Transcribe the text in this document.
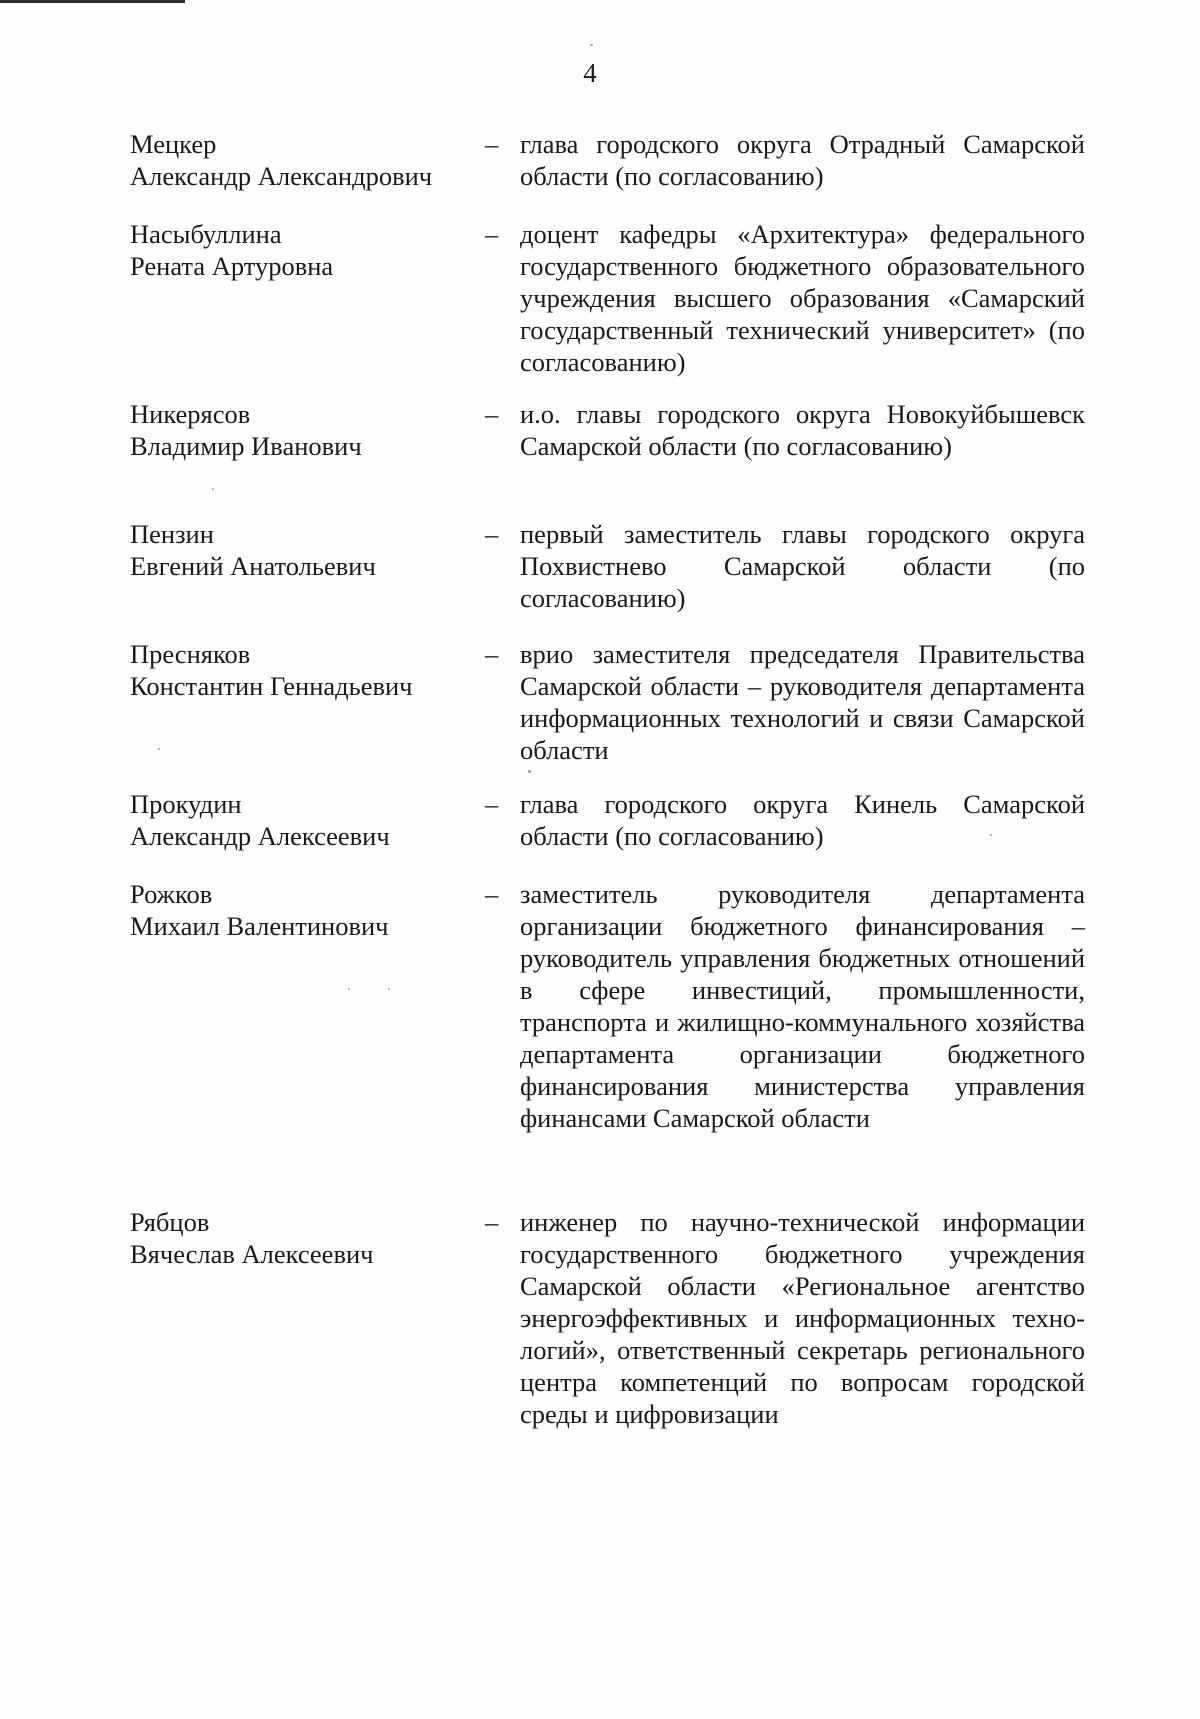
4
Мецкер
Александр Александрович
– глава городского округа Отрадный Самарской области (по согласованию)
Насыбуллина
Рената Артуровна
– доцент кафедры «Архитектура» федерального государственного бюджетного образовательного учреждения высшего образования «Самарский государственный технический университет» (по согласованию)
Никерясов
Владимир Иванович
– и.о. главы городского округа Новокуйбышевск Самарской области (по согласованию)
Пензин
Евгений Анатольевич
– первый заместитель главы городского округа Похвистнево Самарской области (по согласованию)
Пресняков
Константин Геннадьевич
– врио заместителя председателя Правительства Самарской области – руководителя департамента информационных технологий и связи Самарской области
Прокудин
Александр Алексеевич
– глава городского округа Кинель Самарской области (по согласованию)
Рожков
Михаил Валентинович
– заместитель руководителя департамента организации бюджетного финансирования – руководитель управления бюджетных отношений в сфере инвестиций, промышленности, транспорта и жилищно-коммунального хозяйства департамента организации бюджетного финансирования министерства управления финансами Самарской области
Рябцов
Вячеслав Алексеевич
– инженер по научно-технической информации государственного бюджетного учреждения Самарской области «Региональное агентство энергоэффективных и информационных технологий», ответственный секретарь регионального центра компетенций по вопросам городской среды и цифровизации
